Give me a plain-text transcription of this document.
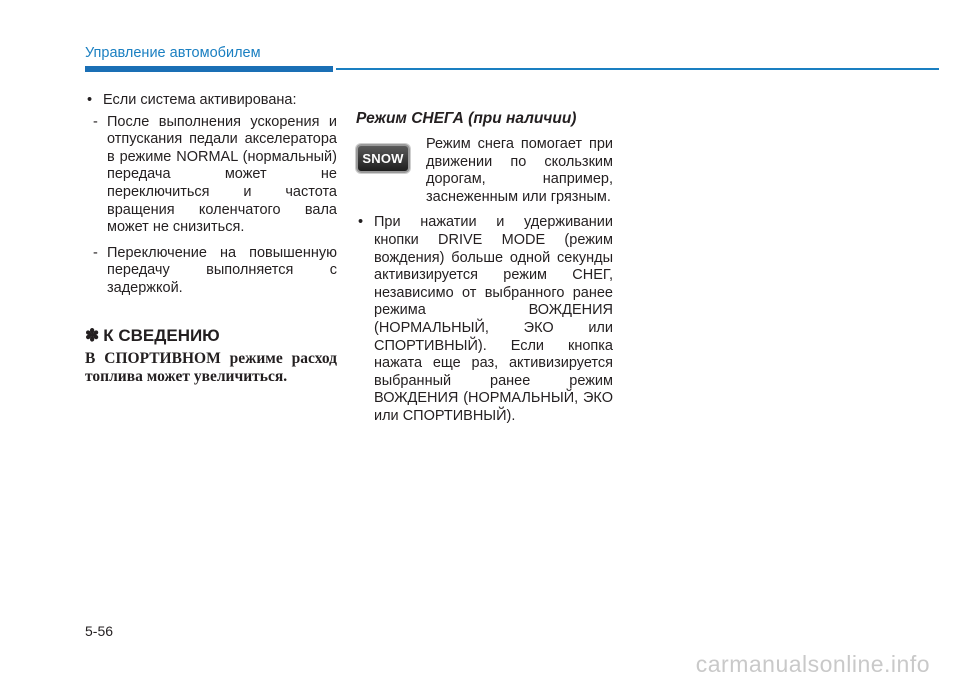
Управление автомобилем
• Если система активирована:
- После выполнения ускорения и отпускания педали акселератора в режиме NORMAL (нормальный) передача может не переключиться и частота вращения коленчатого вала может не снизиться.
- Переключение на повышенную передачу выполняется с задержкой.
✽ К СВЕДЕНИЮ
В СПОРТИВНОМ режиме расход топлива может увеличиться.
Режим СНЕГА (при наличии)
SNOW
Режим снега помогает при движении по скользким дорогам, например, заснеженным или грязным.
• При нажатии и удерживании кнопки DRIVE MODE (режим вождения) больше одной секунды активизируется режим СНЕГ, независимо от выбранного ранее режима ВОЖДЕНИЯ (НОРМАЛЬНЫЙ, ЭКО или СПОРТИВНЫЙ). Если кнопка нажата еще раз, активизируется выбранный ранее режим ВОЖДЕНИЯ (НОРМАЛЬНЫЙ, ЭКО или СПОРТИВНЫЙ).
5-56
carmanualsonline.info
